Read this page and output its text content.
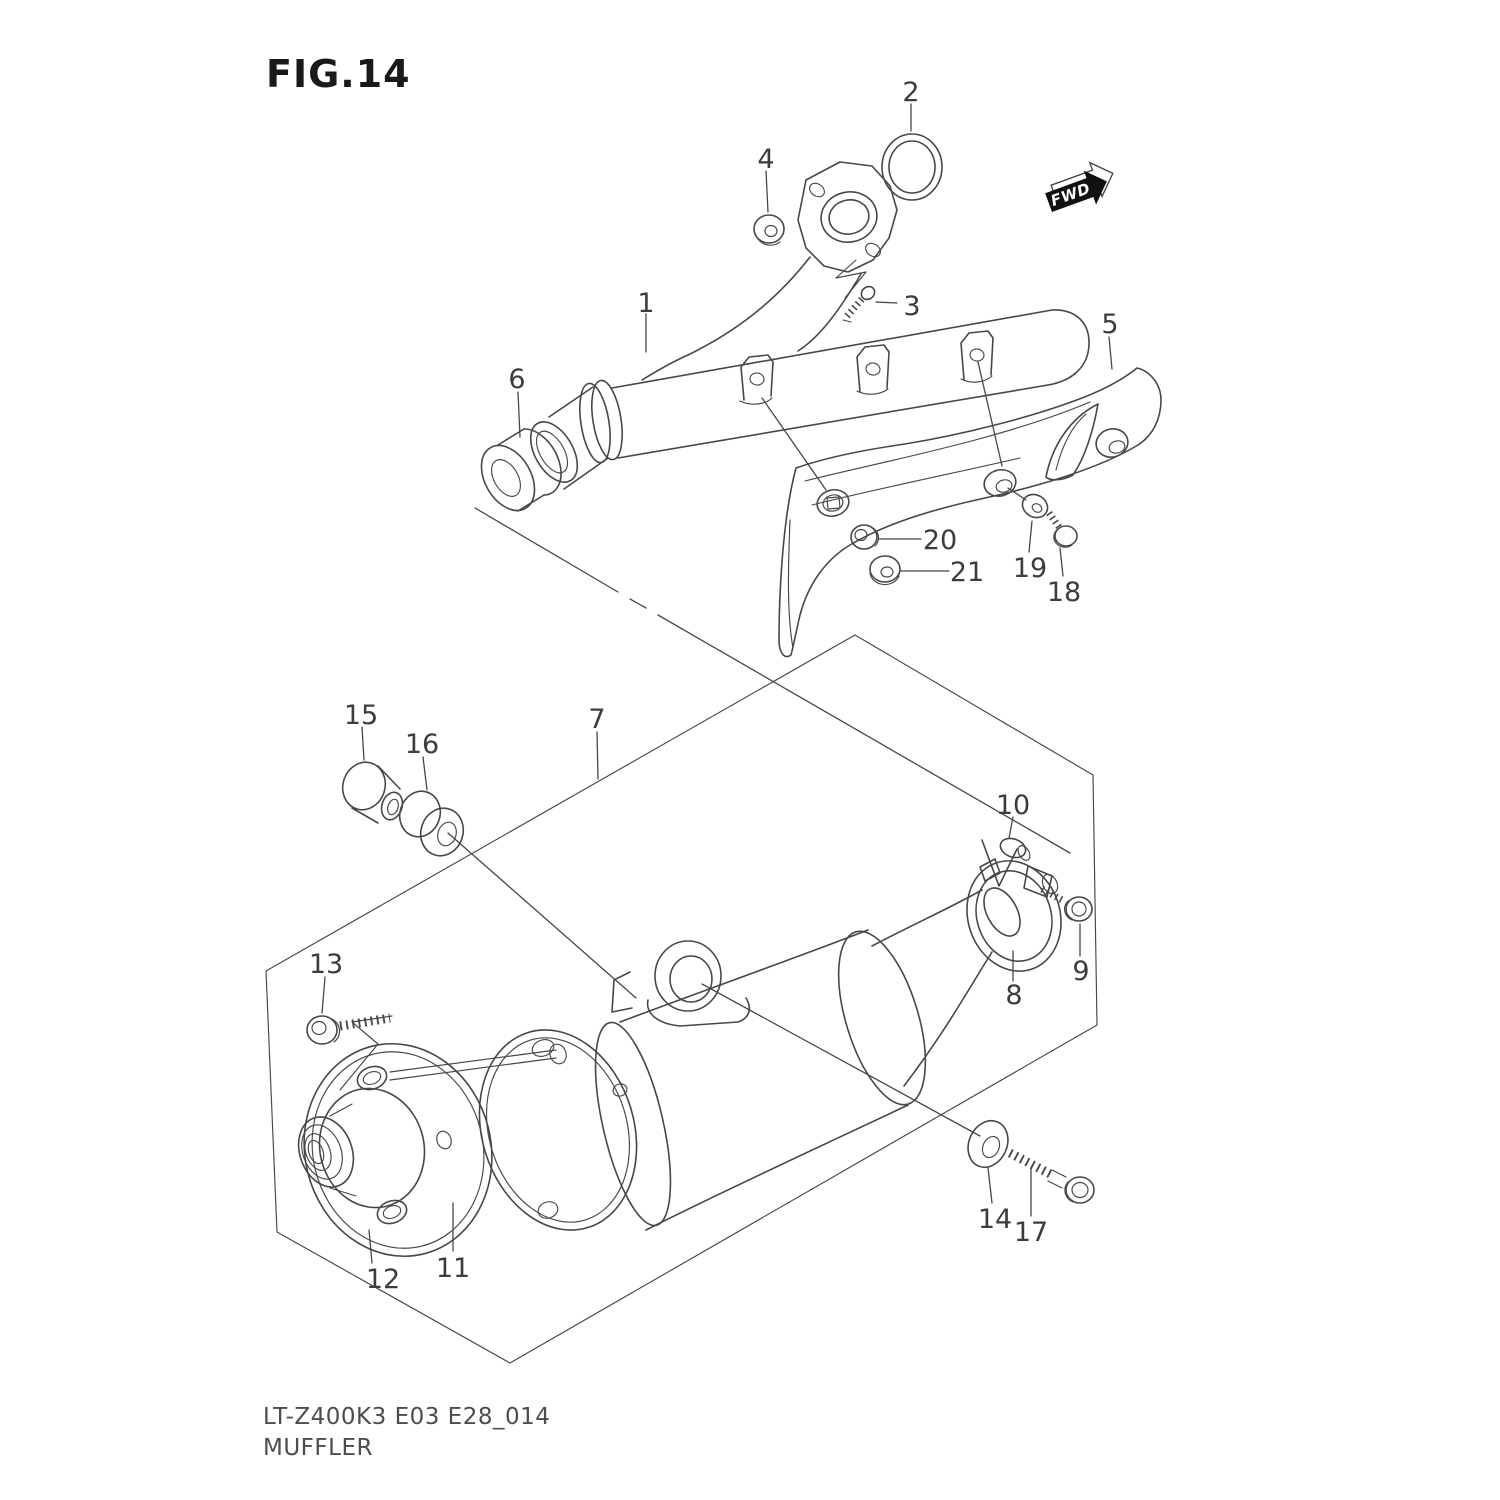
FIG.14
FWD
1
2
3
4
5
6
7
8
9
10
11
12
13
14
15
16
17
18
19
20
21
LT-Z400K3 E03 E28_014
MUFFLER
